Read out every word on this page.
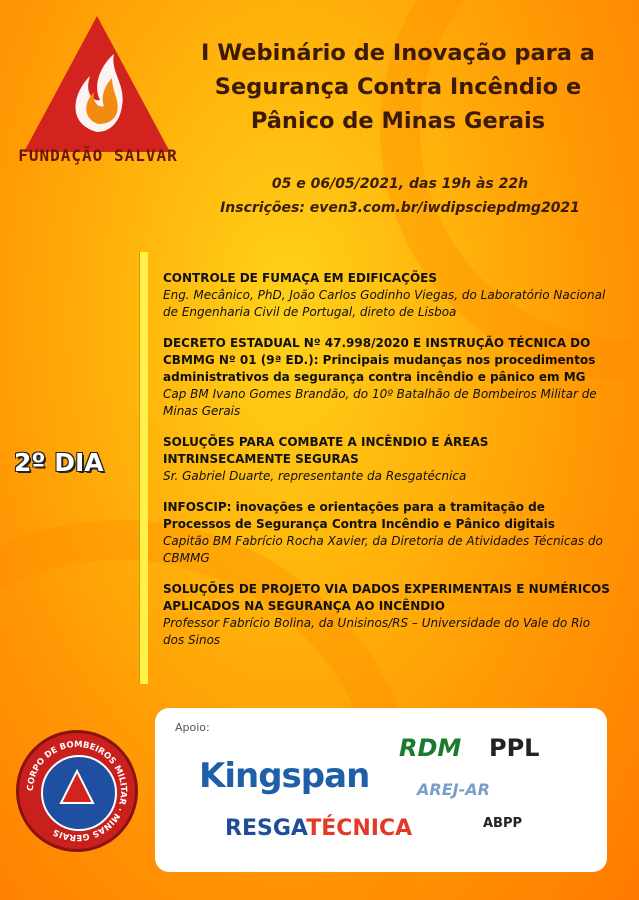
FUNDAÇÃO SALVAR
I Webinário de Inovação para a
Segurança Contra Incêndio e
Pânico de Minas Gerais
05 e 06/05/2021, das 19h às 22h
Inscrições: even3.com.br/iwdipsciepdmg2021
2º DIA
CONTROLE DE FUMAÇA EM EDIFICAÇÕES
Eng. Mecânico, PhD, João Carlos Godinho Viegas, do Laboratório Nacional de Engenharia Civil de Portugal, direto de Lisboa
DECRETO ESTADUAL Nº 47.998/2020 E INSTRUÇÃO TÉCNICA DO CBMMG Nº 01 (9ª ED.): Principais mudanças nos procedimentos administrativos da segurança contra incêndio e pânico em MG
Cap BM Ivano Gomes Brandão, do 10º Batalhão de Bombeiros Militar de Minas Gerais
SOLUÇÕES PARA COMBATE A INCÊNDIO E ÁREAS INTRINSECAMENTE SEGURAS
Sr. Gabriel Duarte, representante da Resgatécnica
INFOSCIP: inovações e orientações para a tramitação de Processos de Segurança Contra Incêndio e Pânico digitais
Capitão BM Fabrício Rocha Xavier, da Diretoria de Atividades Técnicas do CBMMG
SOLUÇÕES DE PROJETO VIA DADOS EXPERIMENTAIS E NUMÉRICOS APLICADOS NA SEGURANÇA AO INCÊNDIO
Professor Fabrício Bolina, da Unisinos/RS – Universidade do Vale do Rio dos Sinos
CORPO DE BOMBEIROS MILITAR · MINAS GERAIS
Apoio:
Kingspan
RDM PPL
AREJ-AR
RESGATÉCNICA	ABPP
